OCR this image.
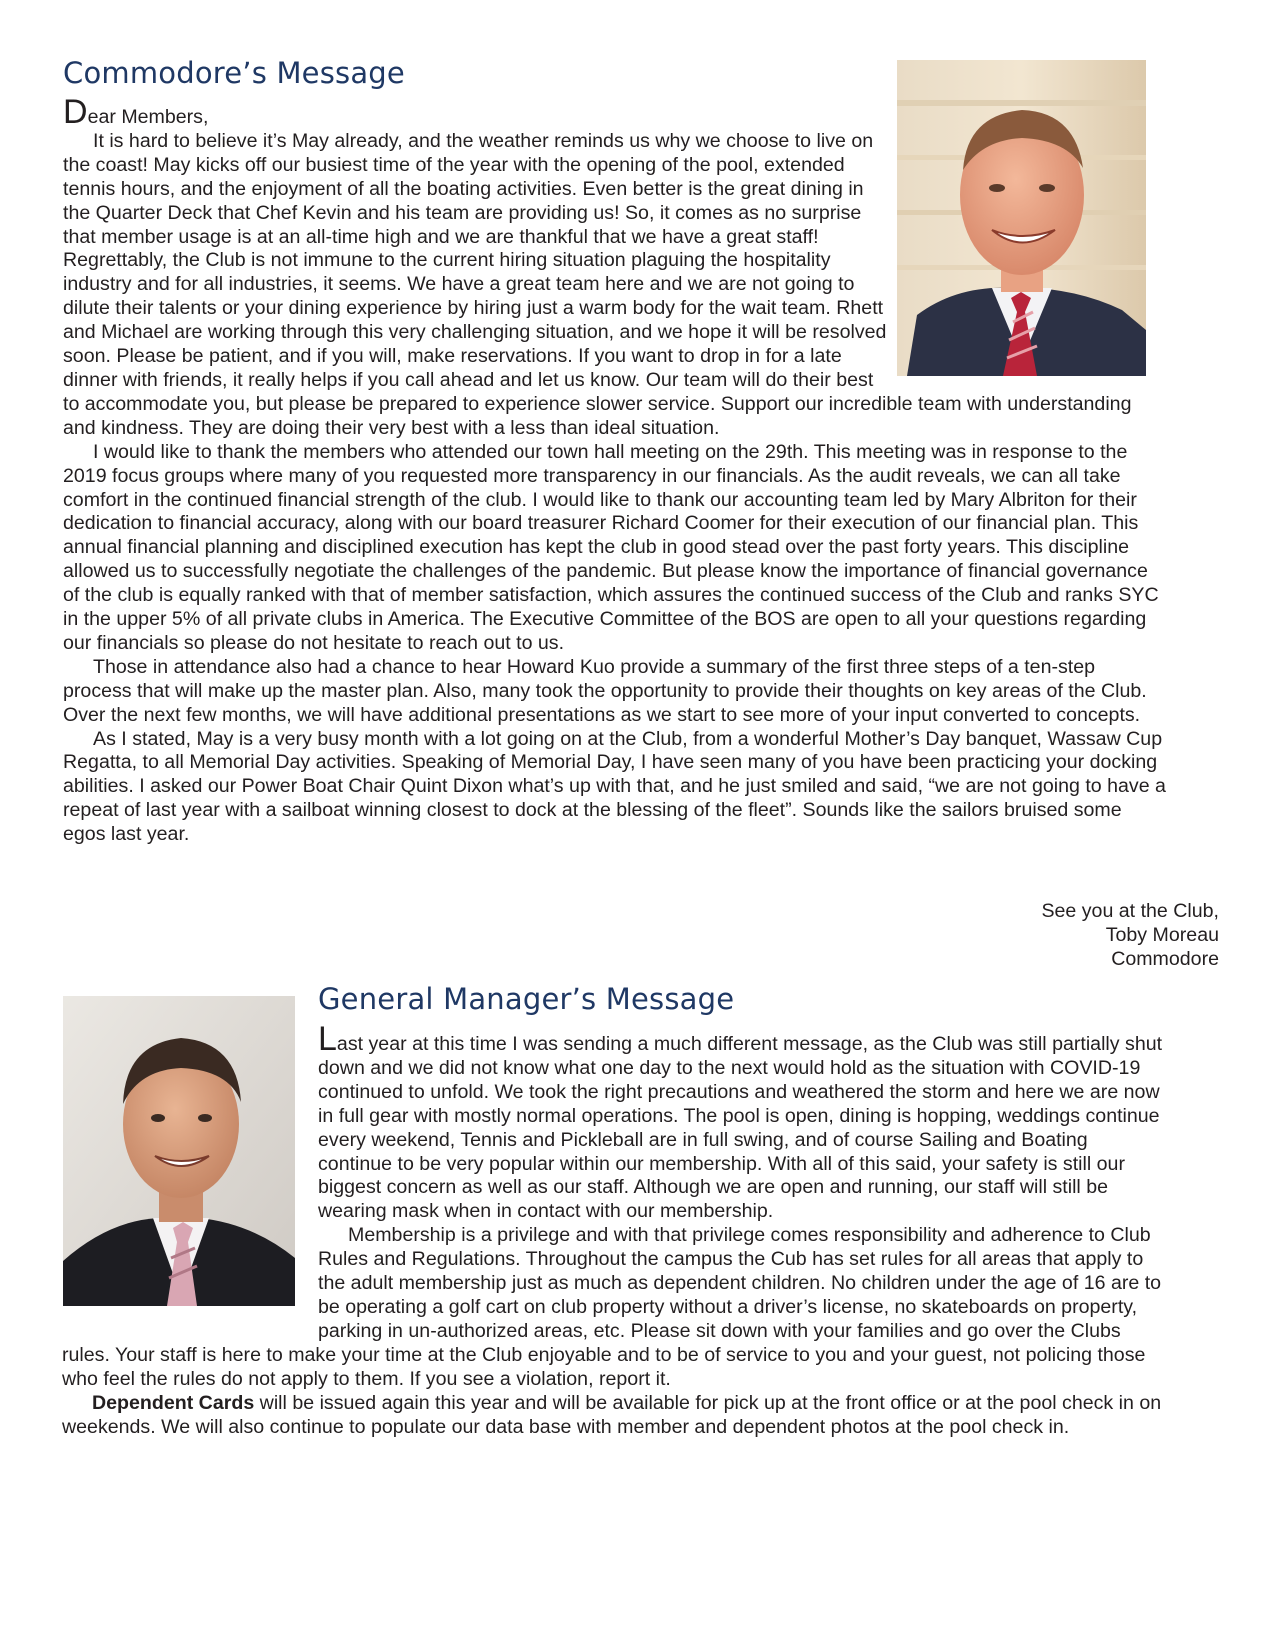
Commodore’s Message

Dear Members,

It is hard to believe it’s May already, and the weather reminds us why we choose to live on the coast! May kicks off our busiest time of the year with the opening of the pool, extended tennis hours, and the enjoyment of all the boating activities. Even better is the great dining in the Quarter Deck that Chef Kevin and his team are providing us! So, it comes as no surprise that member usage is at an all-time high and we are thankful that we have a great staff! Regrettably, the Club is not immune to the current hiring situation plaguing the hospitality industry and for all industries, it seems. We have a great team here and we are not going to dilute their talents or your dining experience by hiring just a warm body for the wait team. Rhett and Michael are working through this very challenging situation, and we hope it will be resolved soon. Please be patient, and if you will, make reservations. If you want to drop in for a late dinner with friends, it really helps if you call ahead and let us know. Our team will do their best to accommodate you, but please be prepared to experience slower service. Support our incredible team with understanding and kindness. They are doing their very best with a less than ideal situation.

I would like to thank the members who attended our town hall meeting on the 29th. This meeting was in response to the 2019 focus groups where many of you requested more transparency in our financials. As the audit reveals, we can all take comfort in the continued financial strength of the club. I would like to thank our accounting team led by Mary Albriton for their dedication to financial accuracy, along with our board treasurer Richard Coomer for their execution of our financial plan. This annual financial planning and disciplined execution has kept the club in good stead over the past forty years. This discipline allowed us to successfully negotiate the challenges of the pandemic. But please know the importance of financial governance of the club is equally ranked with that of member satisfaction, which assures the continued success of the Club and ranks SYC in the upper 5% of all private clubs in America. The Executive Committee of the BOS are open to all your questions regarding our financials so please do not hesitate to reach out to us.

Those in attendance also had a chance to hear Howard Kuo provide a summary of the first three steps of a ten-step process that will make up the master plan. Also, many took the opportunity to provide their thoughts on key areas of the Club. Over the next few months, we will have additional presentations as we start to see more of your input converted to concepts.

As I stated, May is a very busy month with a lot going on at the Club, from a wonderful Mother’s Day banquet, Wassaw Cup Regatta, to all Memorial Day activities. Speaking of Memorial Day, I have seen many of you have been practicing your docking abilities. I asked our Power Boat Chair Quint Dixon what’s up with that, and he just smiled and said, “we are not going to have a repeat of last year with a sailboat winning closest to dock at the blessing of the fleet”. Sounds like the sailors bruised some egos last year.

See you at the Club,
Toby Moreau
Commodore
General Manager’s Message

Last year at this time I was sending a much different message, as the Club was still partially shut down and we did not know what one day to the next would hold as the situation with COVID-19 continued to unfold. We took the right precautions and weathered the storm and here we are now in full gear with mostly normal operations. The pool is open, dining is hopping, weddings continue every weekend, Tennis and Pickleball are in full swing, and of course Sailing and Boating continue to be very popular within our membership. With all of this said, your safety is still our biggest concern as well as our staff. Although we are open and running, our staff will still be wearing mask when in contact with our membership.

Membership is a privilege and with that privilege comes responsibility and adherence to Club Rules and Regulations. Throughout the campus the Cub has set rules for all areas that apply to the adult membership just as much as dependent children. No children under the age of 16 are to be operating a golf cart on club property without a driver’s license, no skateboards on property, parking in un-authorized areas, etc. Please sit down with your families and go over the Clubs rules. Your staff is here to make your time at the Club enjoyable and to be of service to you and your guest, not policing those who feel the rules do not apply to them. If you see a violation, report it.

Dependent Cards will be issued again this year and will be available for pick up at the front office or at the pool check in on weekends. We will also continue to populate our data base with member and dependent photos at the pool check in.
